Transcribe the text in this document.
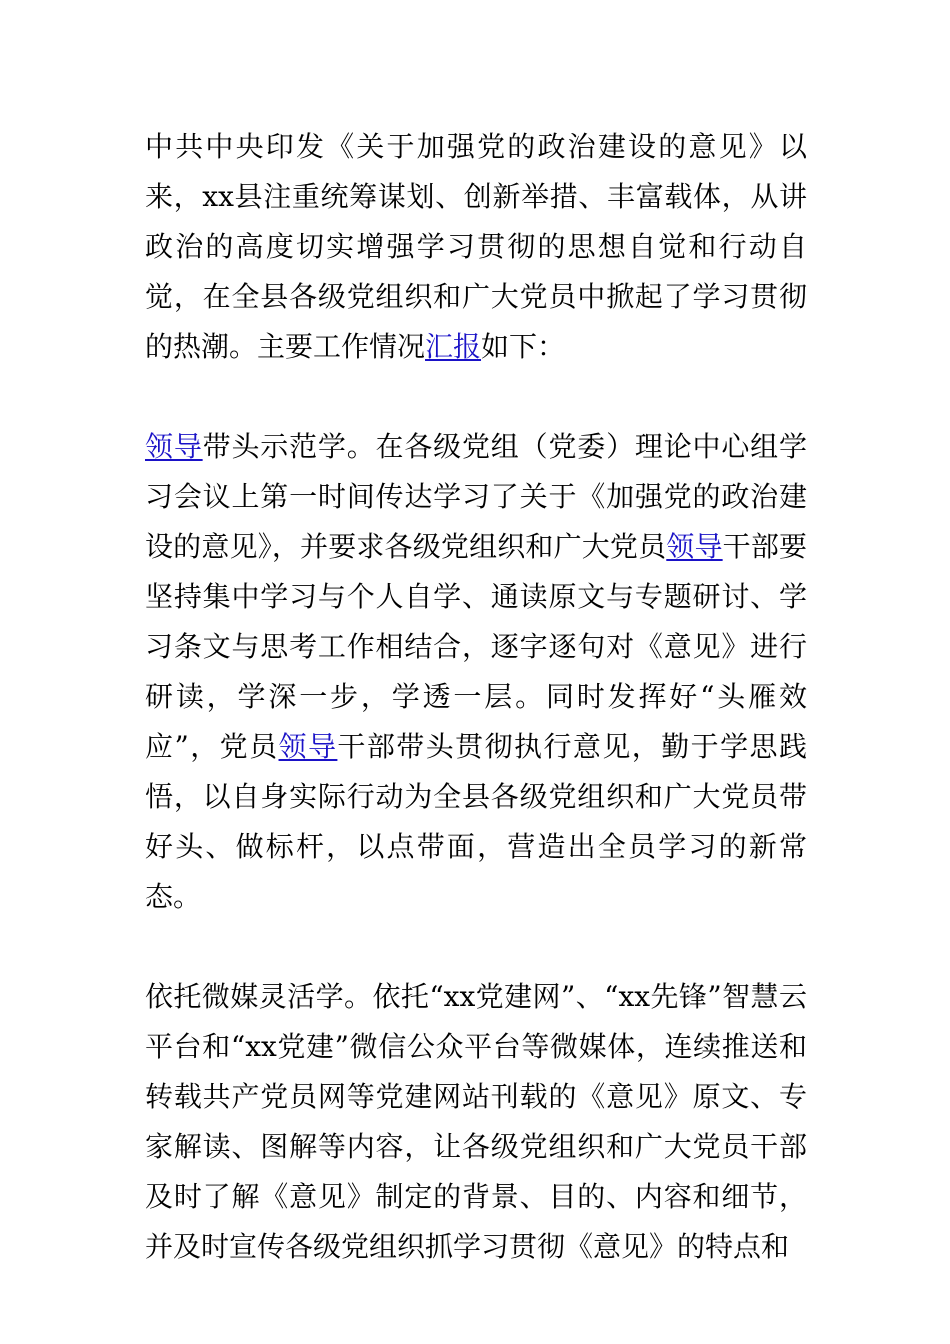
中共中央印发《关于加强党的政治建设的意见》以来，xx县注重统筹谋划、创新举措、丰富载体，从讲政治的高度切实增强学习贯彻的思想自觉和行动自觉，在全县各级党组织和广大党员中掀起了学习贯彻的热潮。主要工作情况汇报如下：

领导带头示范学。在各级党组（党委）理论中心组学习会议上第一时间传达学习了关于《加强党的政治建设的意见》，并要求各级党组织和广大党员领导干部要坚持集中学习与个人自学、通读原文与专题研讨、学习条文与思考工作相结合，逐字逐句对《意见》进行研读，学深一步，学透一层。同时发挥好“头雁效应”，党员领导干部带头贯彻执行意见，勤于学思践悟，以自身实际行动为全县各级党组织和广大党员带好头、做标杆，以点带面，营造出全员学习的新常态。

依托微媒灵活学。依托“xx党建网”、“xx先锋”智慧云平台和“xx党建”微信公众平台等微媒体，连续推送和转载共产党员网等党建网站刊载的《意见》原文、专家解读、图解等内容，让各级党组织和广大党员干部及时了解《意见》制定的背景、目的、内容和细节，并及时宣传各级党组织抓学习贯彻《意见》的特点和
